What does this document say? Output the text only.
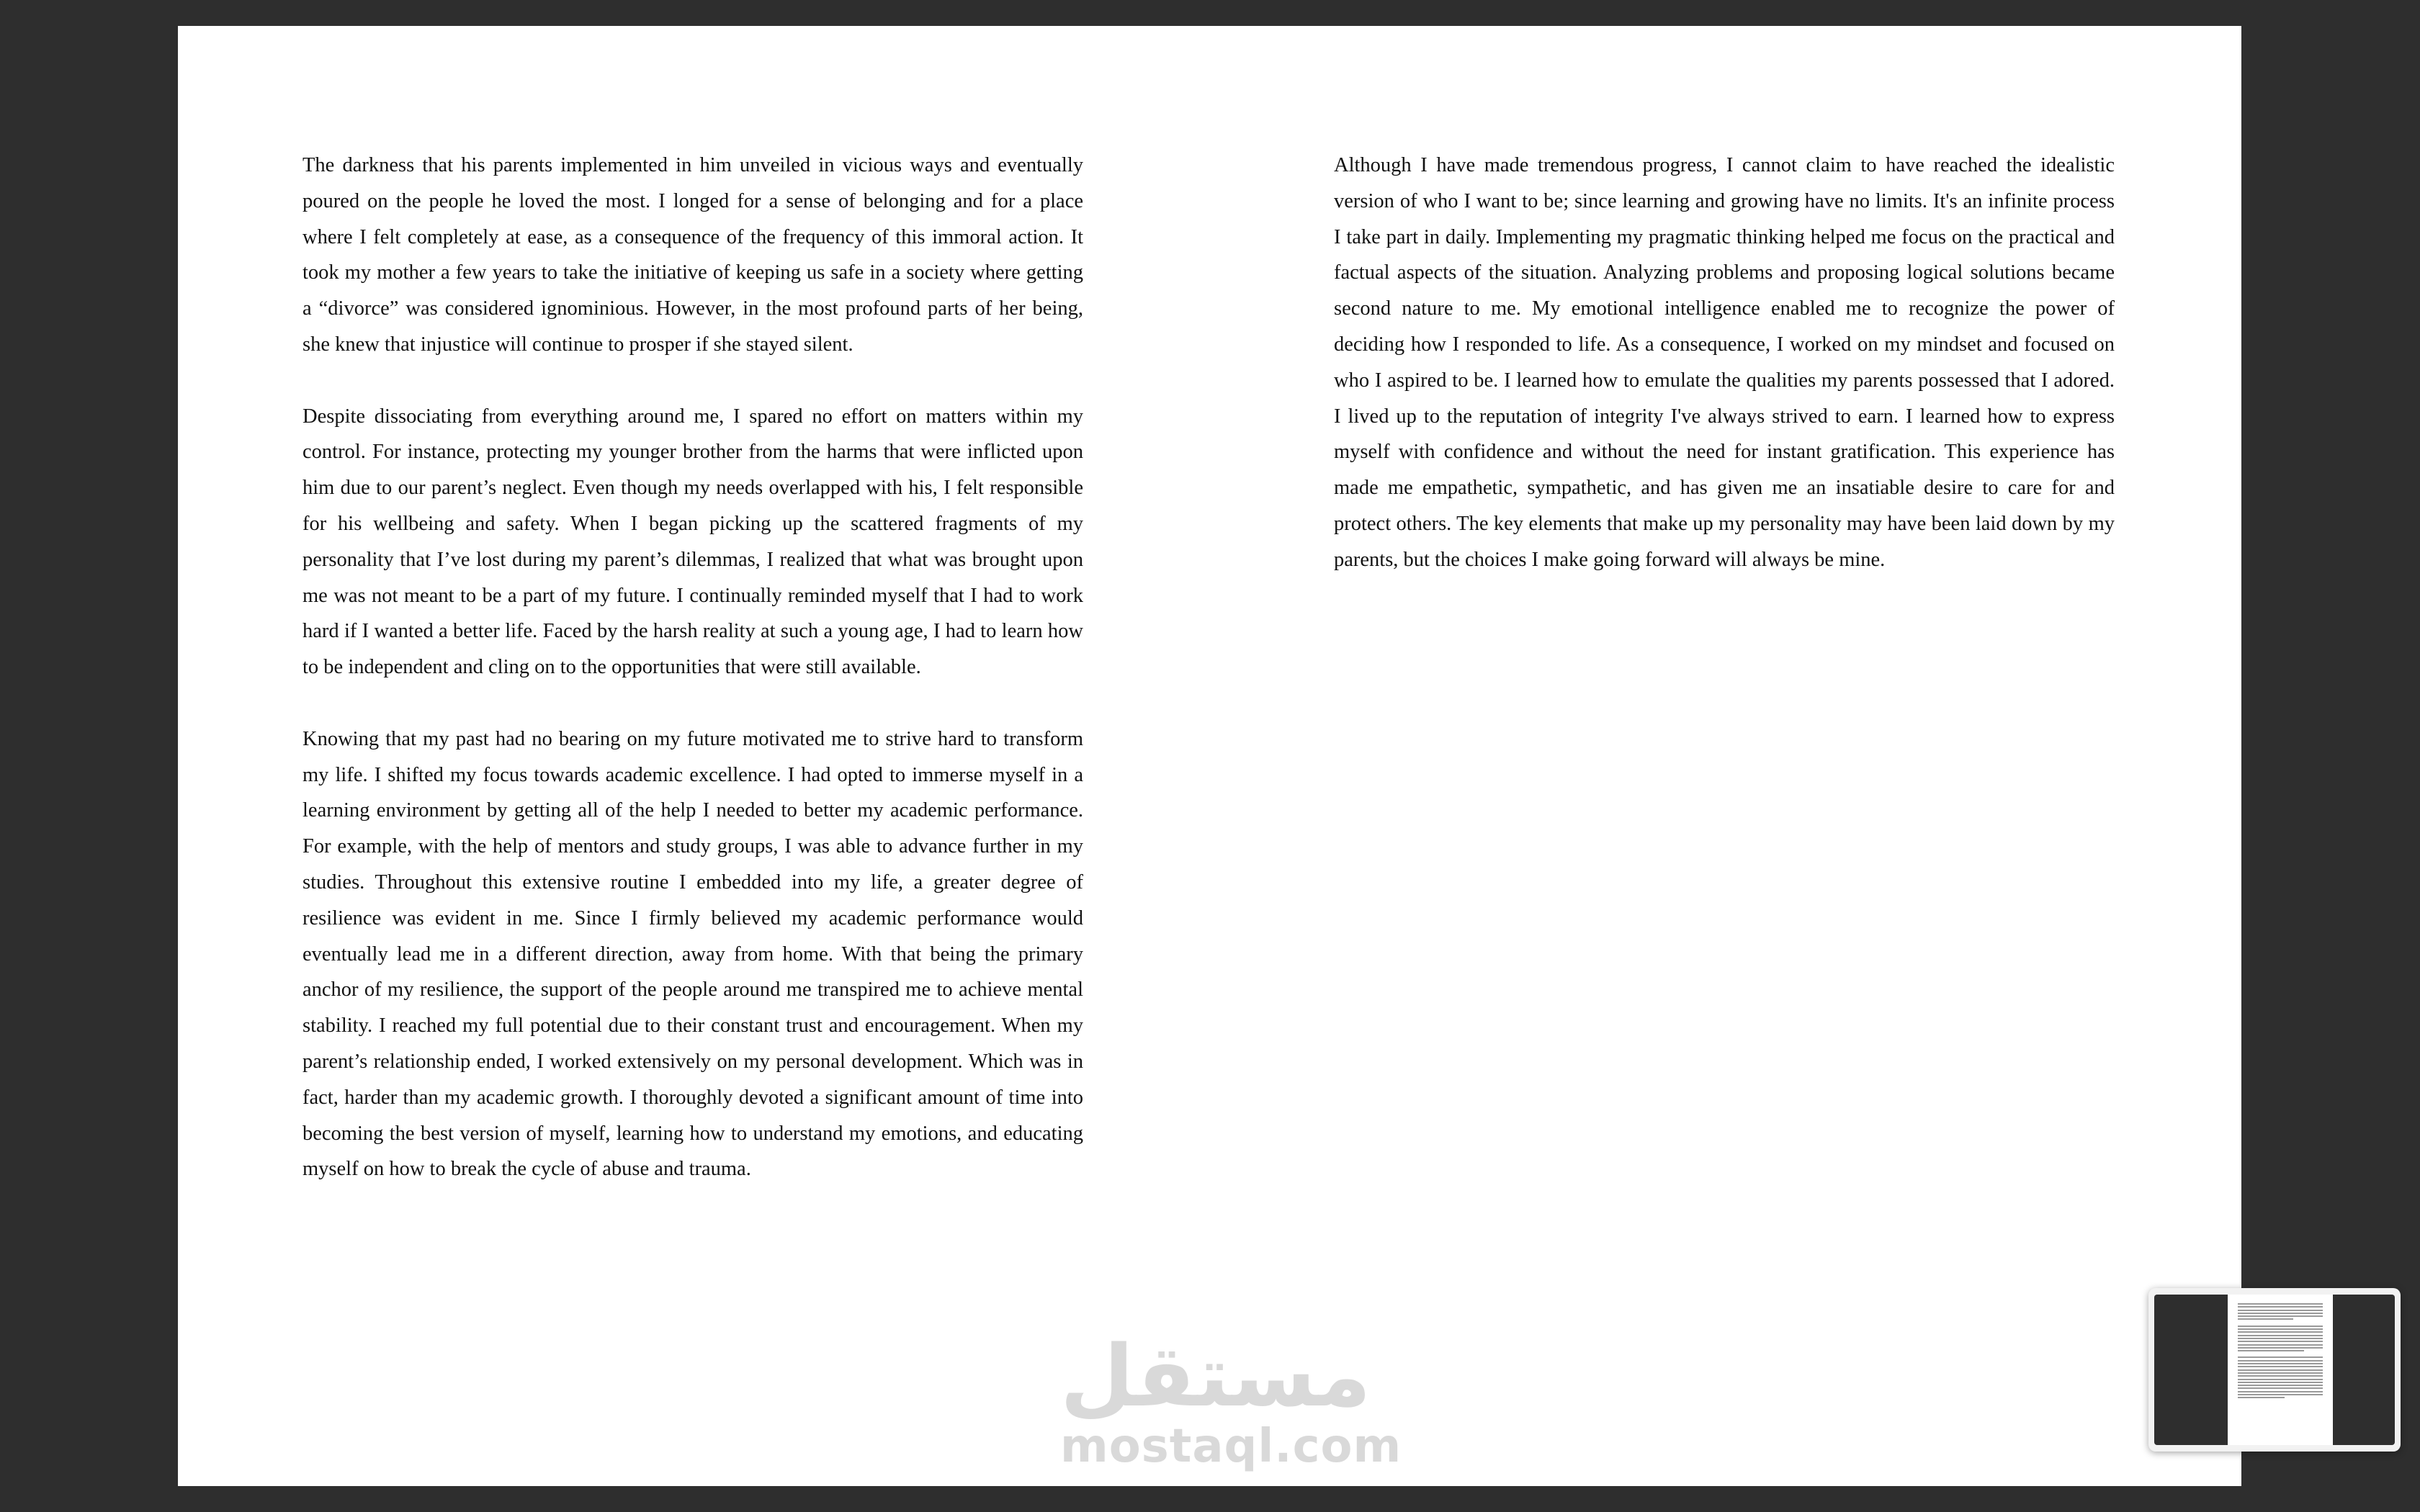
The darkness that his parents implemented in him unveiled in vicious ways and eventually poured on the people he loved the most. I longed for a sense of belonging and for a place where I felt completely at ease, as a consequence of the frequency of this immoral action. It took my mother a few years to take the initiative of keeping us safe in a society where getting a “divorce” was considered ignominious. However, in the most profound parts of her being, she knew that injustice will continue to prosper if she stayed silent.

Despite dissociating from everything around me, I spared no effort on matters within my control. For instance, protecting my younger brother from the harms that were inflicted upon him due to our parent’s neglect. Even though my needs overlapped with his, I felt responsible for his wellbeing and safety. When I began picking up the scattered fragments of my personality that I’ve lost during my parent’s dilemmas, I realized that what was brought upon me was not meant to be a part of my future. I continually reminded myself that I had to work hard if I wanted a better life. Faced by the harsh reality at such a young age, I had to learn how to be independent and cling on to the opportunities that were still available.

Knowing that my past had no bearing on my future motivated me to strive hard to transform my life. I shifted my focus towards academic excellence. I had opted to immerse myself in a learning environment by getting all of the help I needed to better my academic performance. For example, with the help of mentors and study groups, I was able to advance further in my studies. Throughout this extensive routine I embedded into my life, a greater degree of resilience was evident in me. Since I firmly believed my academic performance would eventually lead me in a different direction, away from home. With that being the primary anchor of my resilience, the support of the people around me transpired me to achieve mental stability. I reached my full potential due to their constant trust and encouragement. When my parent’s relationship ended, I worked extensively on my personal development. Which was in fact, harder than my academic growth. I thoroughly devoted a significant amount of time into becoming the best version of myself, learning how to understand my emotions, and educating myself on how to break the cycle of abuse and trauma.

Although I have made tremendous progress, I cannot claim to have reached the idealistic version of who I want to be; since learning and growing have no limits. It's an infinite process I take part in daily. Implementing my pragmatic thinking helped me focus on the practical and factual aspects of the situation. Analyzing problems and proposing logical solutions became second nature to me. My emotional intelligence enabled me to recognize the power of deciding how I responded to life. As a consequence, I worked on my mindset and focused on who I aspired to be. I learned how to emulate the qualities my parents possessed that I adored. I lived up to the reputation of integrity I've always strived to earn. I learned how to express myself with confidence and without the need for instant gratification. This experience has made me empathetic, sympathetic, and has given me an insatiable desire to care for and protect others. The key elements that make up my personality may have been laid down by my parents, but the choices I make going forward will always be mine.

مستقل
mostaql.com
